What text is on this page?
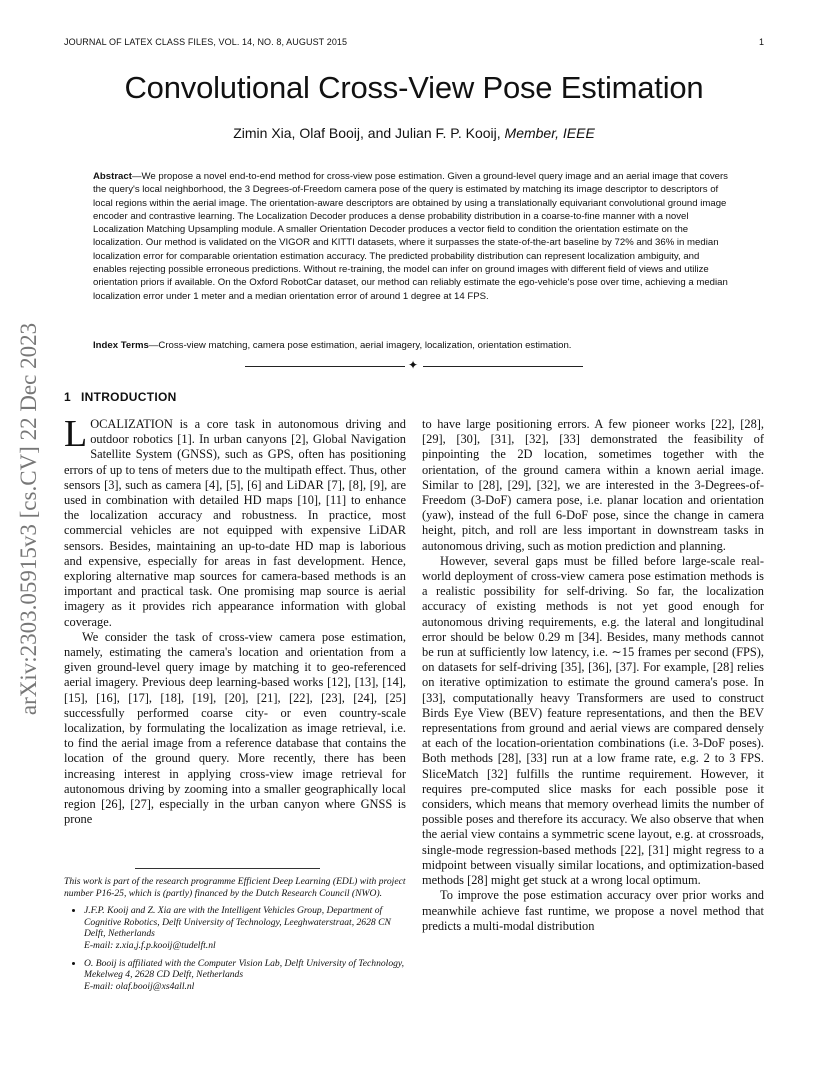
JOURNAL OF LATEX CLASS FILES, VOL. 14, NO. 8, AUGUST 2015	1
Convolutional Cross-View Pose Estimation
Zimin Xia, Olaf Booij, and Julian F. P. Kooij, Member, IEEE

Abstract—We propose a novel end-to-end method for cross-view pose estimation. Given a ground-level query image and an aerial image that covers the query's local neighborhood, the 3 Degrees-of-Freedom camera pose of the query is estimated by matching its image descriptor to descriptors of local regions within the aerial image. The orientation-aware descriptors are obtained by using a translationally equivariant convolutional ground image encoder and contrastive learning. The Localization Decoder produces a dense probability distribution in a coarse-to-fine manner with a novel Localization Matching Upsampling module. A smaller Orientation Decoder produces a vector field to condition the orientation estimate on the localization. Our method is validated on the VIGOR and KITTI datasets, where it surpasses the state-of-the-art baseline by 72% and 36% in median localization error for comparable orientation estimation accuracy. The predicted probability distribution can represent localization ambiguity, and enables rejecting possible erroneous predictions. Without re-training, the model can infer on ground images with different field of views and utilize orientation priors if available. On the Oxford RobotCar dataset, our method can reliably estimate the ego-vehicle's pose over time, achieving a median localization error under 1 meter and a median orientation error of around 1 degree at 14 FPS.

Index Terms—Cross-view matching, camera pose estimation, aerial imagery, localization, orientation estimation.

✦
arXiv:2303.05915v3 [cs.CV] 22 Dec 2023 1 INTRODUCTION

LOCALIZATION is a core task in autonomous driving and outdoor robotics [1]. In urban canyons [2], Global Navigation Satellite System (GNSS), such as GPS, often has positioning errors of up to tens of meters due to the multipath effect. Thus, other sensors [3], such as camera [4], [5], [6] and LiDAR [7], [8], [9], are used in combination with detailed HD maps [10], [11] to enhance the localization accuracy and robustness. In practice, most commercial vehicles are not equipped with expensive LiDAR sensors. Besides, maintaining an up-to-date HD map is laborious and expensive, especially for areas in fast development. Hence, exploring alternative map sources for camera-based methods is an important and practical task. One promising map source is aerial imagery as it provides rich appearance information with global coverage.

We consider the task of cross-view camera pose estimation, namely, estimating the camera's location and orientation from a given ground-level query image by matching it to geo-referenced aerial imagery. Previous deep learning-based works [12], [13], [14], [15], [16], [17], [18], [19], [20], [21], [22], [23], [24], [25] successfully performed coarse city- or even country-scale localization, by formulating the localization as image retrieval, i.e. to find the aerial image from a reference database that contains the location of the ground query. More recently, there has been increasing interest in applying cross-view image retrieval for autonomous driving by zooming into a smaller geographically local region [26], [27], especially in the urban canyon where GNSS is prone

to have large positioning errors. A few pioneer works [22], [28], [29], [30], [31], [32], [33] demonstrated the feasibility of pinpointing the 2D location, sometimes together with the orientation, of the ground camera within a known aerial image. Similar to [28], [29], [32], we are interested in the 3-Degrees-of-Freedom (3-DoF) camera pose, i.e. planar location and orientation (yaw), instead of the full 6-DoF pose, since the change in camera height, pitch, and roll are less important in downstream tasks in autonomous driving, such as motion prediction and planning.

However, several gaps must be filled before large-scale real-world deployment of cross-view camera pose estimation methods is a realistic possibility for self-driving. So far, the localization accuracy of existing methods is not yet good enough for autonomous driving requirements, e.g. the lateral and longitudinal error should be below 0.29 m [34]. Besides, many methods cannot be run at sufficiently low latency, i.e. ∼15 frames per second (FPS), on datasets for self-driving [35], [36], [37]. For example, [28] relies on iterative optimization to estimate the ground camera's pose. In [33], computationally heavy Transformers are used to construct Birds Eye View (BEV) feature representations, and then the BEV representations from ground and aerial views are compared densely at each of the location-orientation combinations (i.e. 3-DoF poses). Both methods [28], [33] run at a low frame rate, e.g. 2 to 3 FPS. SliceMatch [32] fulfills the runtime requirement. However, it requires pre-computed slice masks for each possible pose it considers, which means that memory overhead limits the number of possible poses and therefore its accuracy. We also observe that when the aerial view contains a symmetric scene layout, e.g. at crossroads, single-mode regression-based methods [22], [31] might regress to a midpoint between visually similar locations, and optimization-based methods [28] might get stuck at a wrong local optimum.

To improve the pose estimation accuracy over prior works and meanwhile achieve fast runtime, we propose a novel method that predicts a multi-modal distribution

This work is part of the research programme Efficient Deep Learning (EDL) with project number P16-25, which is (partly) financed by the Dutch Research Council (NWO).

• J.F.P. Kooij and Z. Xia are with the Intelligent Vehicles Group, Department of Cognitive Robotics, Delft University of Technology, Leeghwaterstraat, 2628 CN Delft, Netherlands
E-mail: z.xia,j.f.p.kooij@tudelft.nl
• O. Booij is affiliated with the Computer Vision Lab, Delft University of Technology, Mekelweg 4, 2628 CD Delft, Netherlands
E-mail: olaf.booij@xs4all.nl
